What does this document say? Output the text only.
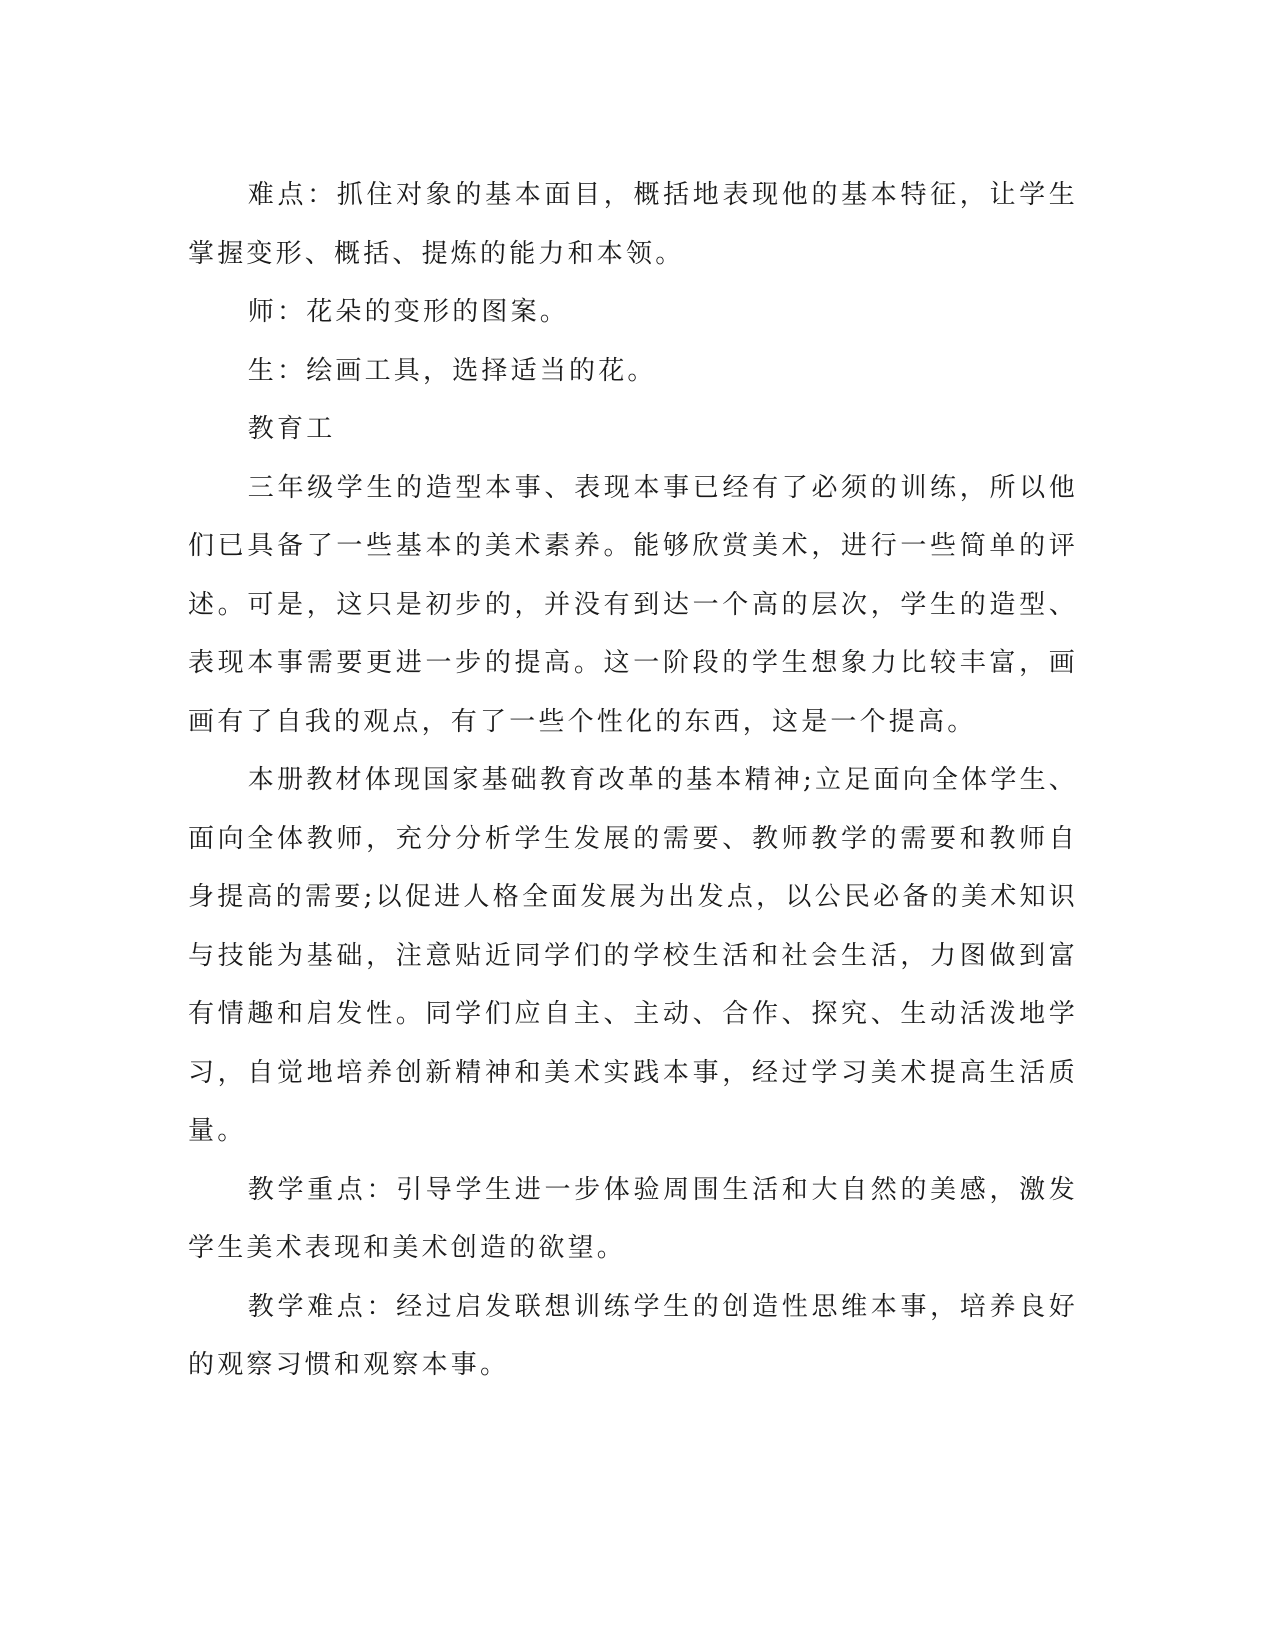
难点：抓住对象的基本面目，概括地表现他的基本特征，让学生掌握变形、概括、提炼的能力和本领。

师：花朵的变形的图案。

生：绘画工具，选择适当的花。

教育工

三年级学生的造型本事、表现本事已经有了必须的训练，所以他们已具备了一些基本的美术素养。能够欣赏美术，进行一些简单的评述。可是，这只是初步的，并没有到达一个高的层次，学生的造型、表现本事需要更进一步的提高。这一阶段的学生想象力比较丰富，画画有了自我的观点，有了一些个性化的东西，这是一个提高。

本册教材体现国家基础教育改革的基本精神;立足面向全体学生、面向全体教师，充分分析学生发展的需要、教师教学的需要和教师自身提高的需要;以促进人格全面发展为出发点，以公民必备的美术知识与技能为基础，注意贴近同学们的学校生活和社会生活，力图做到富有情趣和启发性。同学们应自主、主动、合作、探究、生动活泼地学习，自觉地培养创新精神和美术实践本事，经过学习美术提高生活质量。

教学重点：引导学生进一步体验周围生活和大自然的美感，激发学生美术表现和美术创造的欲望。

教学难点：经过启发联想训练学生的创造性思维本事，培养良好的观察习惯和观察本事。
